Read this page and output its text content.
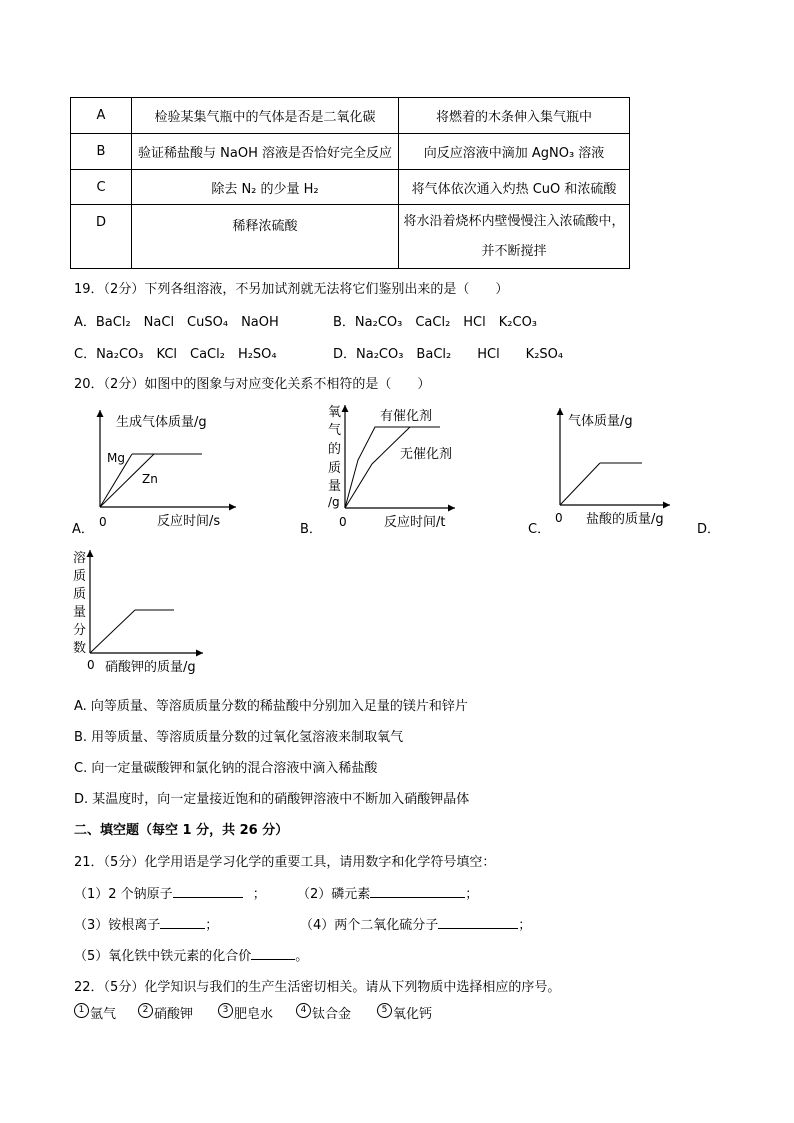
A	检验某集气瓶中的气体是否是二氧化碳	将燃着的木条伸入集气瓶中
B	验证稀盐酸与 NaOH 溶液是否恰好完全反应	向反应溶液中滴加 AgNO₃ 溶液
C	除去 N₂ 的少量 H₂	将气体依次通入灼热 CuO 和浓硫酸
D	稀释浓硫酸	将水沿着烧杯内壁慢慢注入浓硫酸中，
并不断搅拌
19．（2分）下列各组溶液，不另加试剂就无法将它们鉴别出来的是（　　）
A．BaCl₂　NaCl　CuSO₄　NaOH	B．Na₂CO₃　CaCl₂　HCl　K₂CO₃
C．Na₂CO₃　KCl　CaCl₂　H₂SO₄	D．Na₂CO₃　BaCl₂　　HCl　　K₂SO₄
20．（2分）如图中的图象与对应变化关系不相符的是（　　）
生成气体质量/g
Mg
Zn
0	反应时间/s
A．
氧
气
的
质
量
/g
有催化剂
无催化剂
0	反应时间/t
B．
气体质量/g
0 盐酸的质量/g
C．	D．
溶
质
质
量
分
数
0 硝酸钾的质量/g
A. 向等质量、等溶质质量分数的稀盐酸中分别加入足量的镁片和锌片
B. 用等质量、等溶质质量分数的过氧化氢溶液来制取氧气
C. 向一定量碳酸钾和氯化钠的混合溶液中滴入稀盐酸
D. 某温度时，向一定量接近饱和的硝酸钾溶液中不断加入硝酸钾晶体
二、填空题（每空 1 分，共 26 分）
21．（5分）化学用语是学习化学的重要工具，请用数字和化学符号填空：
（1）2 个钠原子	； （2）磷元素	；
（3）铵根离子	；	（4）两个二氧化硫分子	；
（5）氧化铁中铁元素的化合价	。
22．（5分）化学知识与我们的生产生活密切相关。请从下列物质中选择相应的序号。
1 氩气	2 硝酸钾	3 肥皂水	4 钛合金	5 氧化钙
